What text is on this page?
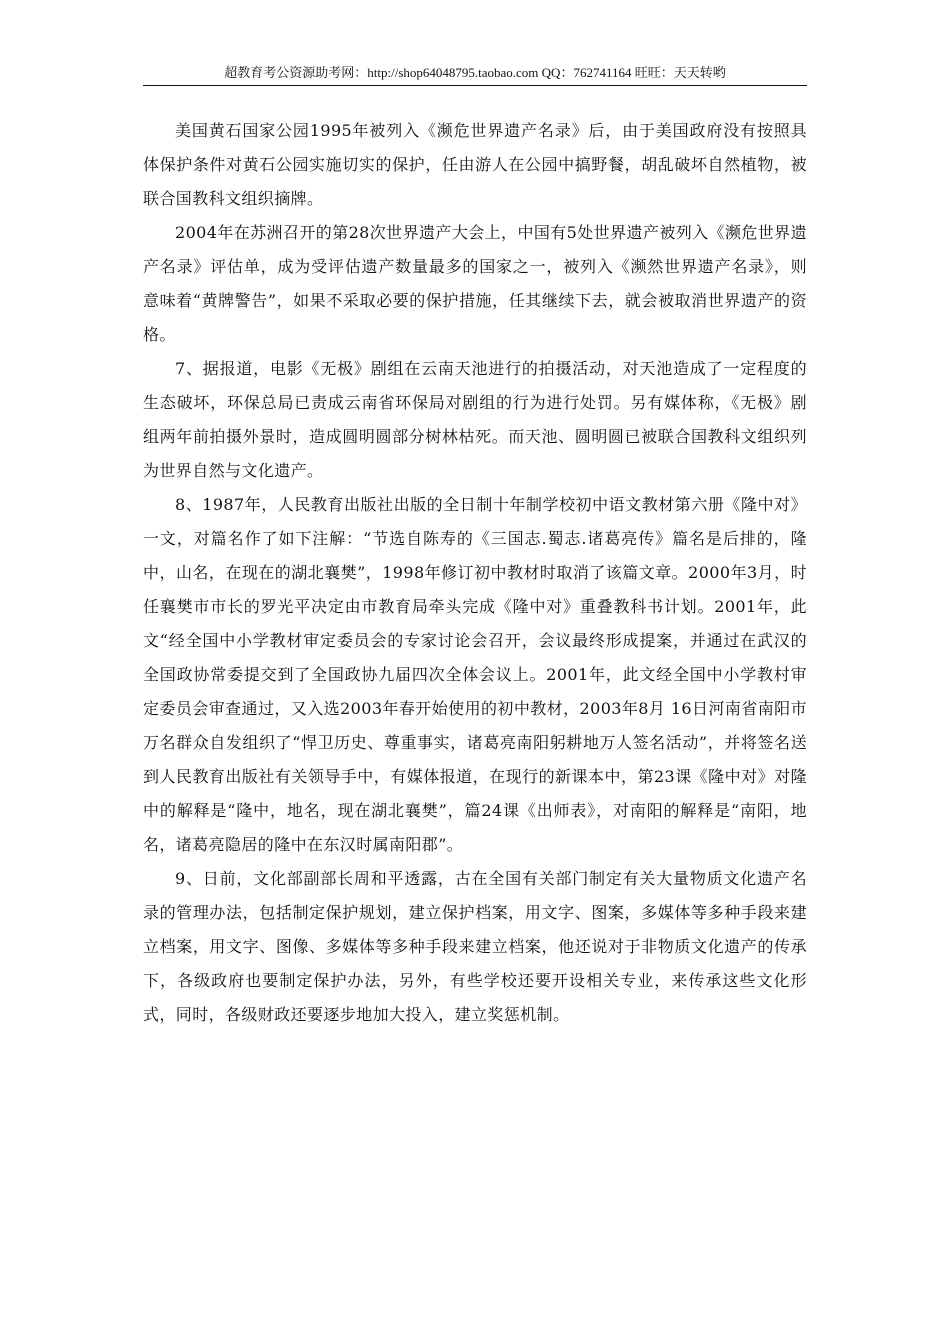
超教育考公资源助考网：http://shop64048795.taobao.com QQ：762741164 旺旺：天天转哟

美国黄石国家公园1995年被列入《濒危世界遗产名录》后，由于美国政府没有按照具体保护条件对黄石公园实施切实的保护，任由游人在公园中搞野餐，胡乱破坏自然植物，被联合国教科文组织摘牌。

2004年在苏洲召开的第28次世界遗产大会上，中国有5处世界遗产被列入《濒危世界遗产名录》评估单，成为受评估遗产数量最多的国家之一，被列入《濒然世界遗产名录》，则意味着“黄牌警告”，如果不采取必要的保护措施，任其继续下去，就会被取消世界遗产的资格。

7、据报道，电影《无极》剧组在云南天池进行的拍摄活动，对天池造成了一定程度的生态破坏，环保总局已责成云南省环保局对剧组的行为进行处罚。另有媒体称，《无极》剧组两年前拍摄外景时，造成圆明圆部分树林枯死。而天池、圆明圆已被联合国教科文组织列为世界自然与文化遗产。

8、1987年，人民教育出版社出版的全日制十年制学校初中语文教材第六册《隆中对》一文，对篇名作了如下注解：“节选自陈寿的《三国志.蜀志.诸葛亮传》篇名是后排的，隆中，山名，在现在的湖北襄樊”，1998年修订初中教材时取消了该篇文章。2000年3月，时任襄樊市市长的罗光平决定由市教育局牵头完成《隆中对》重叠教科书计划。2001年，此文“经全国中小学教材审定委员会的专家讨论会召开，会议最终形成提案，并通过在武汉的全国政协常委提交到了全国政协九届四次全体会议上。2001年，此文经全国中小学教村审定委员会审查通过，又入选2003年春开始使用的初中教材，2003年8月 16日河南省南阳市万名群众自发组织了“悍卫历史、尊重事实，诸葛亮南阳躬耕地万人签名活动”，并将签名送到人民教育出版社有关领导手中，有媒体报道，在现行的新课本中，第23课《隆中对》对隆中的解释是“隆中，地名，现在湖北襄樊”，篇24课《出师表》，对南阳的解释是“南阳，地名，诸葛亮隐居的隆中在东汉时属南阳郡”。

9、日前，文化部副部长周和平透露，古在全国有关部门制定有关大量物质文化遗产名录的管理办法，包括制定保护规划，建立保护档案，用文字、图案，多媒体等多种手段来建立档案，用文字、图像、多媒体等多种手段来建立档案，他还说对于非物质文化遗产的传承下，各级政府也要制定保护办法，另外，有些学校还要开设相关专业，来传承这些文化形式，同时，各级财政还要逐步地加大投入，建立奖惩机制。
